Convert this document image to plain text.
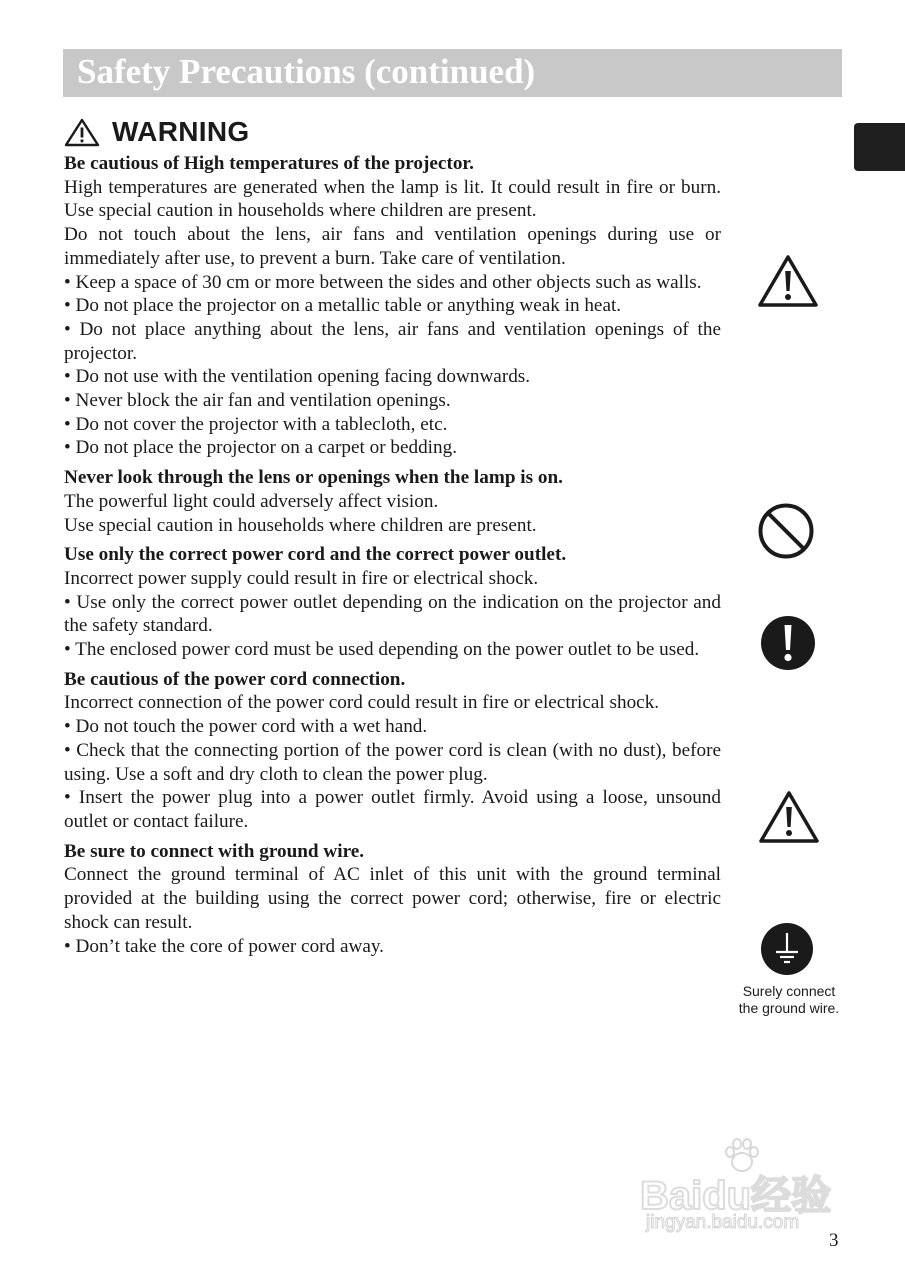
Safety Precautions (continued)
WARNING
Be cautious of High temperatures of the projector.

High temperatures are generated when the lamp is lit. It could result in fire or burn. Use special caution in households where children are present.

Do not touch about the lens, air fans and ventilation openings during use or immediately after use, to prevent a burn. Take care of ventilation.

• Keep a space of 30 cm or more between the sides and other objects such as walls.

• Do not place the projector on a metallic table or anything weak in heat.

• Do not place anything about the lens, air fans and ventilation openings of the projector.

• Do not use with the ventilation opening facing downwards.

• Never block the air fan and ventilation openings.

• Do not cover the projector with a tablecloth, etc.

• Do not place the projector on a carpet or bedding.

Never look through the lens or openings when the lamp is on.

The powerful light could adversely affect vision.

Use special caution in households where children are present.

Use only the correct power cord and the correct power outlet.

Incorrect power supply could result in fire or electrical shock.

• Use only the correct power outlet depending on the indication on the projector and the safety standard.

• The enclosed power cord must be used depending on the power outlet to be used.

Be cautious of the power cord connection.

Incorrect connection of the power cord could result in fire or electrical shock.

• Do not touch the power cord with a wet hand.

• Check that the connecting portion of the power cord is clean (with no dust), before using. Use a soft and dry cloth to clean the power plug.

• Insert the power plug into a power outlet firmly. Avoid using a loose, unsound outlet or contact failure.

Be sure to connect with ground wire.

Connect the ground terminal of AC inlet of this unit with the ground terminal provided at the building using the correct power cord; otherwise, fire or electric shock can result.

• Don’t take the core of power cord away.

Surely connect
the ground wire.
Baidu经验
jingyan.baidu.com
3
